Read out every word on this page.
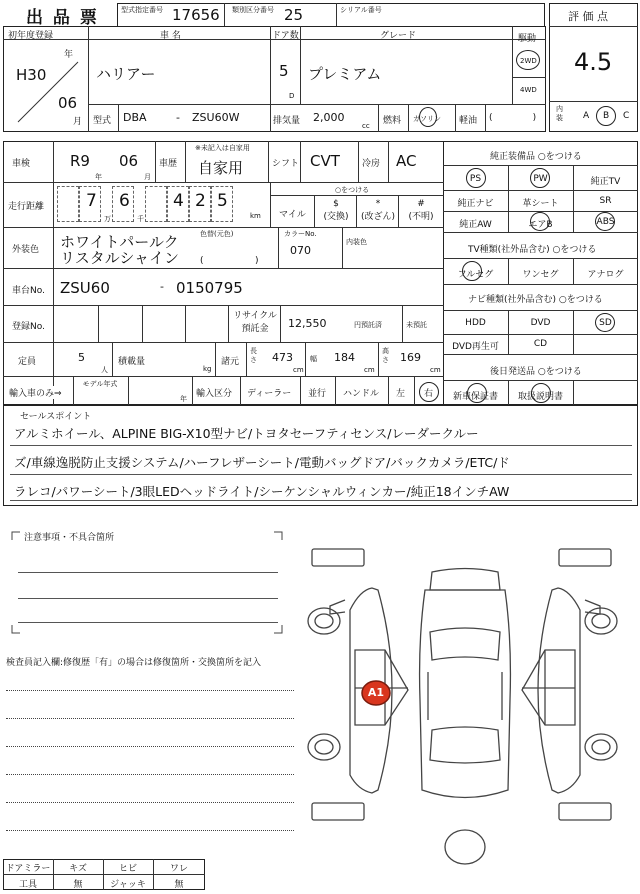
出 品 票	型式指定番号 17656 類別区分番号 25	シリアル番号	評 価 点
4.5
内装	A B C
初年度登録
H30
年
06
月
車 名
ハリアー
ドア数
5
D
グレード
プレミアム
駆動
2WD
4WD
型式 DBA	- ZSU60W	排気量 2,000
cc 燃料 ガソリン 軽油 (              )
車検	R9 06
年	月
車歴
※未記入は自家用
自家用	シフト CVT 冷房 AC
走行距離 7 6	4 2 5
万	千	km
○をつける
マイル
$
(交換)
*
(改ざん)
#
(不明)
外装色
色替(元色)
ホワイトパールク
リスタルシャイン (                  )
カラーNo.
070
内装色
車台No. ZSU60	- 0150795
登録No.
リサイクル預託金	12,550	円預託済	未預託
定員	5
人
積載量
kg
諸元
長さ 473
cm
幅 184
cm
高さ 169
cm
輸入車のみ⇒
モデル年式
年 輸入区分 ディーラー 並行 ハンドル 左 右
純正装備品 ○をつける
PS	PW	純正TV
純正ナビ	革シート	SR
純正AW	エアB	ABS
TV種類(社外品含む) ○をつける
フルセグ	ワンセグ	アナログ
ナビ種類(社外品含む) ○をつける
HDD	DVD	SD
DVD再生可	CD
後日発送品 ○をつける
新車保証書	取扱説明書
セールスポイント
アルミホイール、ALPINE BIG-X10型ナビ/トヨタセーフティセンス/レーダークルー
ズ/車線逸脱防止支援システム/ハーフレザーシート/電動バッグドア/バックカメラ/ETC/ド
ラレコ/パワーシート/3眼LEDヘッドライト/シーケンシャルウィンカー/純正18インチAW
注意事項・不具合箇所
検査員記入欄:修復歴「有」の場合は修復箇所・交換箇所を記入
ドアミラー	キズ	ヒビ	ワレ
工具	無	ジャッキ	無
A1
